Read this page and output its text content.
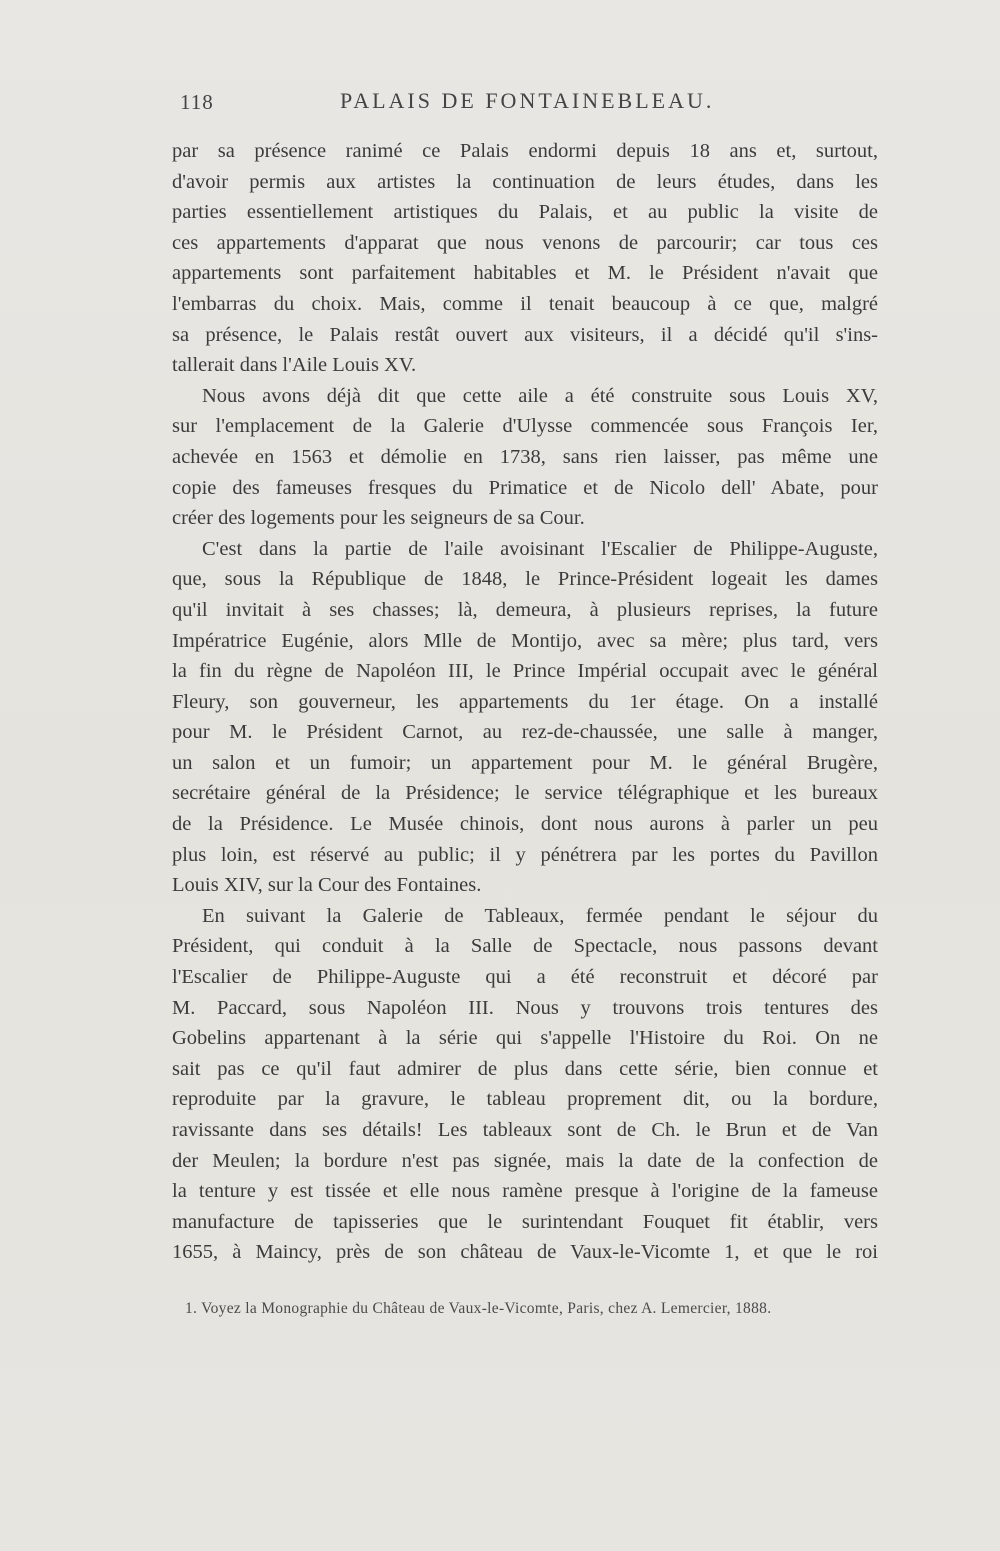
118	PALAIS DE FONTAINEBLEAU.
par sa présence ranimé ce Palais endormi depuis 18 ans et, surtout,
d'avoir permis aux artistes la continuation de leurs études, dans les
parties essentiellement artistiques du Palais, et au public la visite de
ces appartements d'apparat que nous venons de parcourir; car tous ces
appartements sont parfaitement habitables et M. le Président n'avait que
l'embarras du choix. Mais, comme il tenait beaucoup à ce que, malgré
sa présence, le Palais restât ouvert aux visiteurs, il a décidé qu'il s'ins-
tallerait dans l'Aile Louis XV.
Nous avons déjà dit que cette aile a été construite sous Louis XV,
sur l'emplacement de la Galerie d'Ulysse commencée sous François Ier,
achevée en 1563 et démolie en 1738, sans rien laisser, pas même une
copie des fameuses fresques du Primatice et de Nicolo dell' Abate, pour
créer des logements pour les seigneurs de sa Cour.
C'est dans la partie de l'aile avoisinant l'Escalier de Philippe-Auguste,
que, sous la République de 1848, le Prince-Président logeait les dames
qu'il invitait à ses chasses; là, demeura, à plusieurs reprises, la future
Impératrice Eugénie, alors Mlle de Montijo, avec sa mère; plus tard, vers
la fin du règne de Napoléon III, le Prince Impérial occupait avec le général
Fleury, son gouverneur, les appartements du 1er étage. On a installé
pour M. le Président Carnot, au rez-de-chaussée, une salle à manger,
un salon et un fumoir; un appartement pour M. le général Brugère,
secrétaire général de la Présidence; le service télégraphique et les bureaux
de la Présidence. Le Musée chinois, dont nous aurons à parler un peu
plus loin, est réservé au public; il y pénétrera par les portes du Pavillon
Louis XIV, sur la Cour des Fontaines.
En suivant la Galerie de Tableaux, fermée pendant le séjour du
Président, qui conduit à la Salle de Spectacle, nous passons devant
l'Escalier de Philippe-Auguste qui a été reconstruit et décoré par
M. Paccard, sous Napoléon III. Nous y trouvons trois tentures des
Gobelins appartenant à la série qui s'appelle l'Histoire du Roi. On ne
sait pas ce qu'il faut admirer de plus dans cette série, bien connue et
reproduite par la gravure, le tableau proprement dit, ou la bordure,
ravissante dans ses détails! Les tableaux sont de Ch. le Brun et de Van
der Meulen; la bordure n'est pas signée, mais la date de la confection de
la tenture y est tissée et elle nous ramène presque à l'origine de la fameuse
manufacture de tapisseries que le surintendant Fouquet fit établir, vers
1655, à Maincy, près de son château de Vaux-le-Vicomte 1, et que le roi
1. Voyez la Monographie du Château de Vaux-le-Vicomte, Paris, chez A. Lemercier, 1888.
